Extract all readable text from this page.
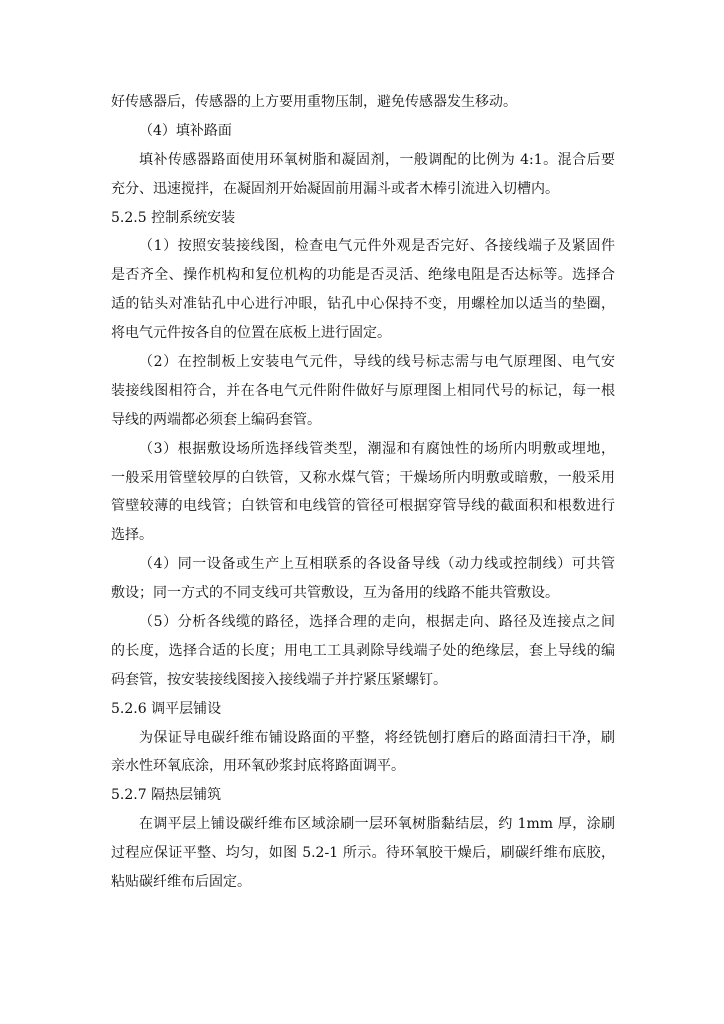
好传感器后，传感器的上方要用重物压制，避免传感器发生移动。
（4）填补路面
填补传感器路面使用环氧树脂和凝固剂，一般调配的比例为 4:1。混合后要
充分、迅速搅拌，在凝固剂开始凝固前用漏斗或者木棒引流进入切槽内。
5.2.5 控制系统安装
（1）按照安装接线图，检查电气元件外观是否完好、各接线端子及紧固件
是否齐全、操作机构和复位机构的功能是否灵活、绝缘电阻是否达标等。选择合
适的钻头对准钻孔中心进行冲眼，钻孔中心保持不变，用螺栓加以适当的垫圈，
将电气元件按各自的位置在底板上进行固定。
（2）在控制板上安装电气元件，导线的线号标志需与电气原理图、电气安
装接线图相符合，并在各电气元件附件做好与原理图上相同代号的标记，每一根
导线的两端都必须套上编码套管。
（3）根据敷设场所选择线管类型，潮湿和有腐蚀性的场所内明敷或埋地，
一般采用管壁较厚的白铁管，又称水煤气管；干燥场所内明敷或暗敷，一般采用
管壁较薄的电线管；白铁管和电线管的管径可根据穿管导线的截面积和根数进行
选择。
（4）同一设备或生产上互相联系的各设备导线（动力线或控制线）可共管
敷设；同一方式的不同支线可共管敷设，互为备用的线路不能共管敷设。
（5）分析各线缆的路径，选择合理的走向，根据走向、路径及连接点之间
的长度，选择合适的长度；用电工工具剥除导线端子处的绝缘层，套上导线的编
码套管，按安装接线图接入接线端子并拧紧压紧螺钉。
5.2.6 调平层铺设
为保证导电碳纤维布铺设路面的平整，将经铣刨打磨后的路面清扫干净，刷
亲水性环氧底涂，用环氧砂浆封底将路面调平。
5.2.7 隔热层铺筑
在调平层上铺设碳纤维布区域涂刷一层环氧树脂黏结层，约 1mm 厚，涂刷
过程应保证平整、均匀，如图 5.2-1 所示。待环氧胶干燥后，刷碳纤维布底胶，
粘贴碳纤维布后固定。
